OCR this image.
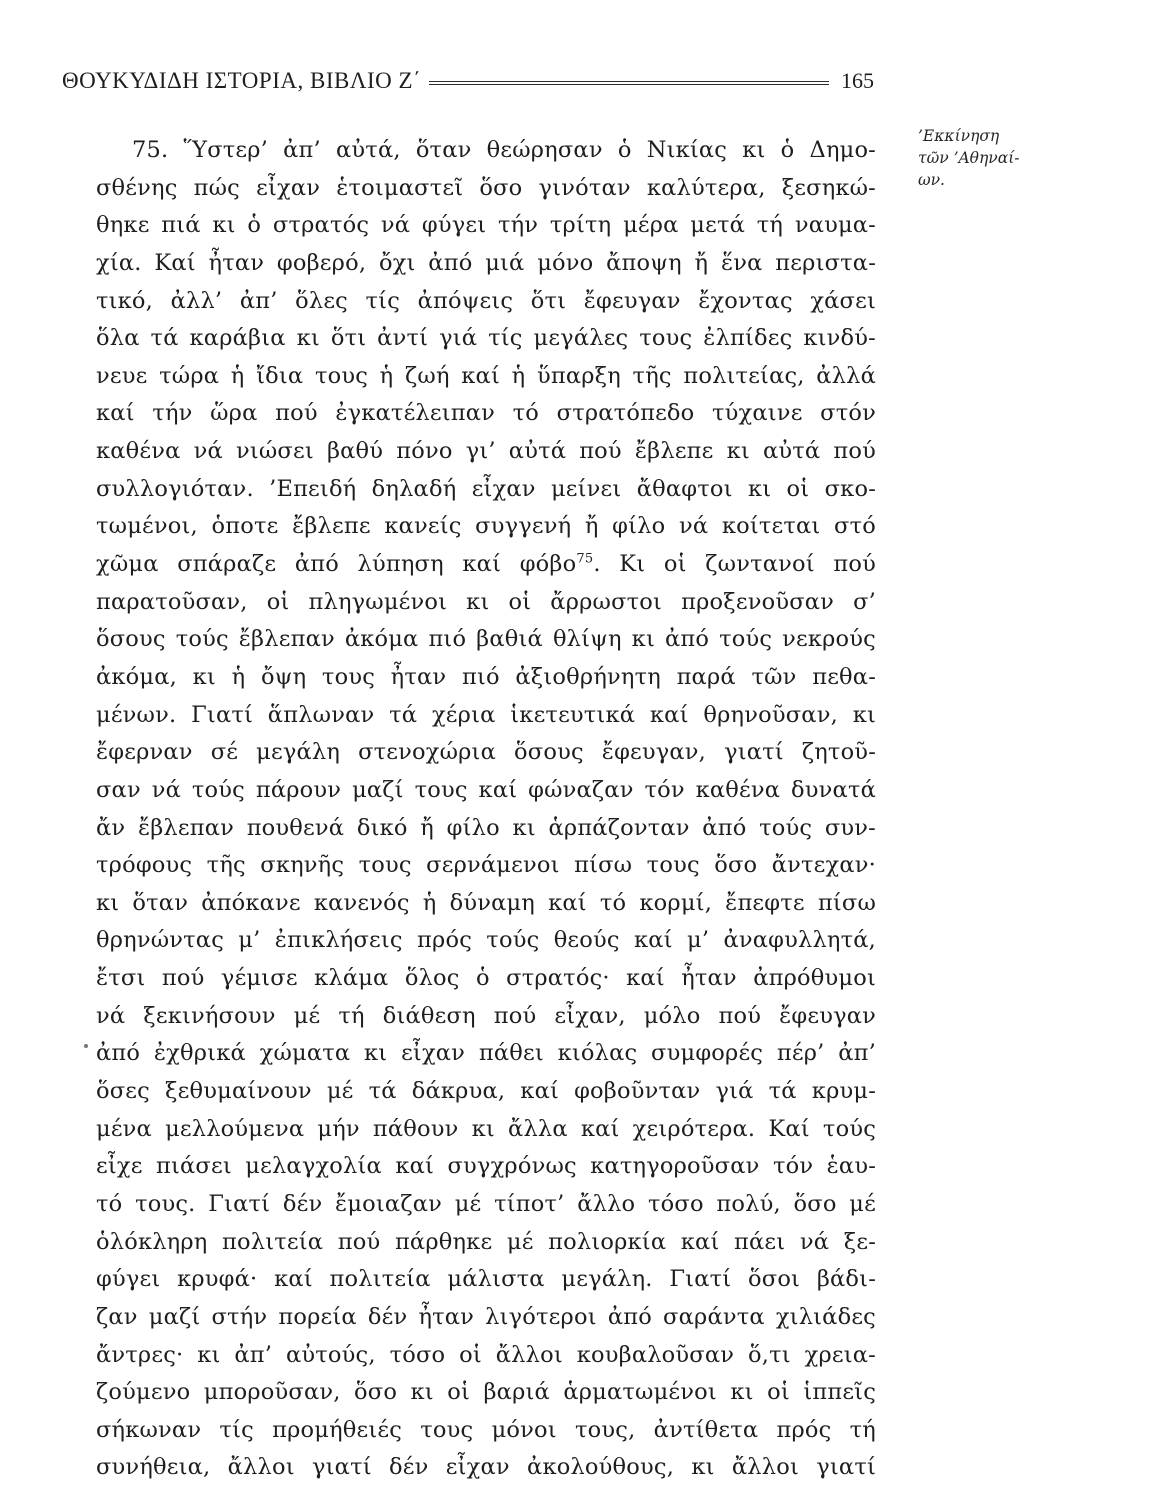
ΘΟΥΚΥΔΙΔΗ ΙΣΤΟΡΙΑ, ΒΙΒΛΙΟ Ζ΄	165
75. Ὕστερ’ ἀπ’ αὐτά, ὅταν θεώρησαν ὁ Νικίας κι ὁ Δημο-
σθένης πώς εἶχαν ἑτοιμαστεῖ ὅσο γινόταν καλύτερα, ξεσηκώ-
θηκε πιά κι ὁ στρατός νά φύγει τήν τρίτη μέρα μετά τή ναυμα-
χία. Καί ἦταν φοβερό, ὄχι ἀπό μιά μόνο ἄποψη ἤ ἕνα περιστα-
τικό, ἀλλ’ ἀπ’ ὅλες τίς ἀπόψεις ὅτι ἔφευγαν ἔχοντας χάσει
ὅλα τά καράβια κι ὅτι ἀντί γιά τίς μεγάλες τους ἐλπίδες κινδύ-
νευε τώρα ἡ ἴδια τους ἡ ζωή καί ἡ ὕπαρξη τῆς πολιτείας, ἀλλά
καί τήν ὥρα πού ἐγκατέλειπαν τό στρατόπεδο τύχαινε στόν
καθένα νά νιώσει βαθύ πόνο γι’ αὐτά πού ἔβλεπε κι αὐτά πού
συλλογιόταν. ’Επειδή δηλαδή εἶχαν μείνει ἄθαφτοι κι οἱ σκο-
τωμένοι, ὁποτε ἔβλεπε κανείς συγγενή ἤ φίλο νά κοίτεται στό
χῶμα σπάραζε ἀπό λύπηση καί φόβο$^{75}$. Κι οἱ ζωντανοί πού
παρατοῦσαν, οἱ πληγωμένοι κι οἱ ἄρρωστοι προξενοῦσαν σ’
ὅσους τούς ἔβλεπαν ἀκόμα πιό βαθιά θλίψη κι ἀπό τούς νεκρούς
ἀκόμα, κι ἡ ὄψη τους ἦταν πιό ἀξιοθρήνητη παρά τῶν πεθα-
μένων. Γιατί ἅπλωναν τά χέρια ἱκετευτικά καί θρηνοῦσαν, κι
ἔφερναν σέ μεγάλη στενοχώρια ὅσους ἔφευγαν, γιατί ζητοῦ-
σαν νά τούς πάρουν μαζί τους καί φώναζαν τόν καθένα δυνατά
ἄν ἔβλεπαν πουθενά δικό ἤ φίλο κι ἁρπάζονταν ἀπό τούς συν-
τρόφους τῆς σκηνῆς τους σερνάμενοι πίσω τους ὅσο ἄντεχαν·
κι ὅταν ἀπόκανε κανενός ἡ δύναμη καί τό κορμί, ἔπεφτε πίσω
θρηνώντας μ’ ἐπικλήσεις πρός τούς θεούς καί μ’ ἀναφυλλητά,
ἔτσι πού γέμισε κλάμα ὅλος ὁ στρατός· καί ἦταν ἀπρόθυμοι
νά ξεκινήσουν μέ τή διάθεση πού εἶχαν, μόλο πού ἔφευγαν
ἀπό ἐχθρικά χώματα κι εἶχαν πάθει κιόλας συμφορές πέρ’ ἀπ’
ὅσες ξεθυμαίνουν μέ τά δάκρυα, καί φοβοῦνταν γιά τά κρυμ-
μένα μελλούμενα μήν πάθουν κι ἄλλα καί χειρότερα. Καί τούς
εἶχε πιάσει μελαγχολία καί συγχρόνως κατηγοροῦσαν τόν ἑαυ-
τό τους. Γιατί δέν ἔμοιαζαν μέ τίποτ’ ἄλλο τόσο πολύ, ὅσο μέ
ὁλόκληρη πολιτεία πού πάρθηκε μέ πολιορκία καί πάει νά ξε-
φύγει κρυφά· καί πολιτεία μάλιστα μεγάλη. Γιατί ὅσοι βάδι-
ζαν μαζί στήν πορεία δέν ἦταν λιγότεροι ἀπό σαράντα χιλιάδες
ἄντρες· κι ἀπ’ αὐτούς, τόσο οἱ ἄλλοι κουβαλοῦσαν ὅ,τι χρεια-
ζούμενο μποροῦσαν, ὅσο κι οἱ βαριά ἁρματωμένοι κι οἱ ἱππεῖς
σήκωναν τίς προμήθειές τους μόνοι τους, ἀντίθετα πρός τή
συνήθεια, ἄλλοι γιατί δέν εἶχαν ἀκολούθους, κι ἄλλοι γιατί
’Εκκίνηση
τῶν ’Αθηναί-
ων.
